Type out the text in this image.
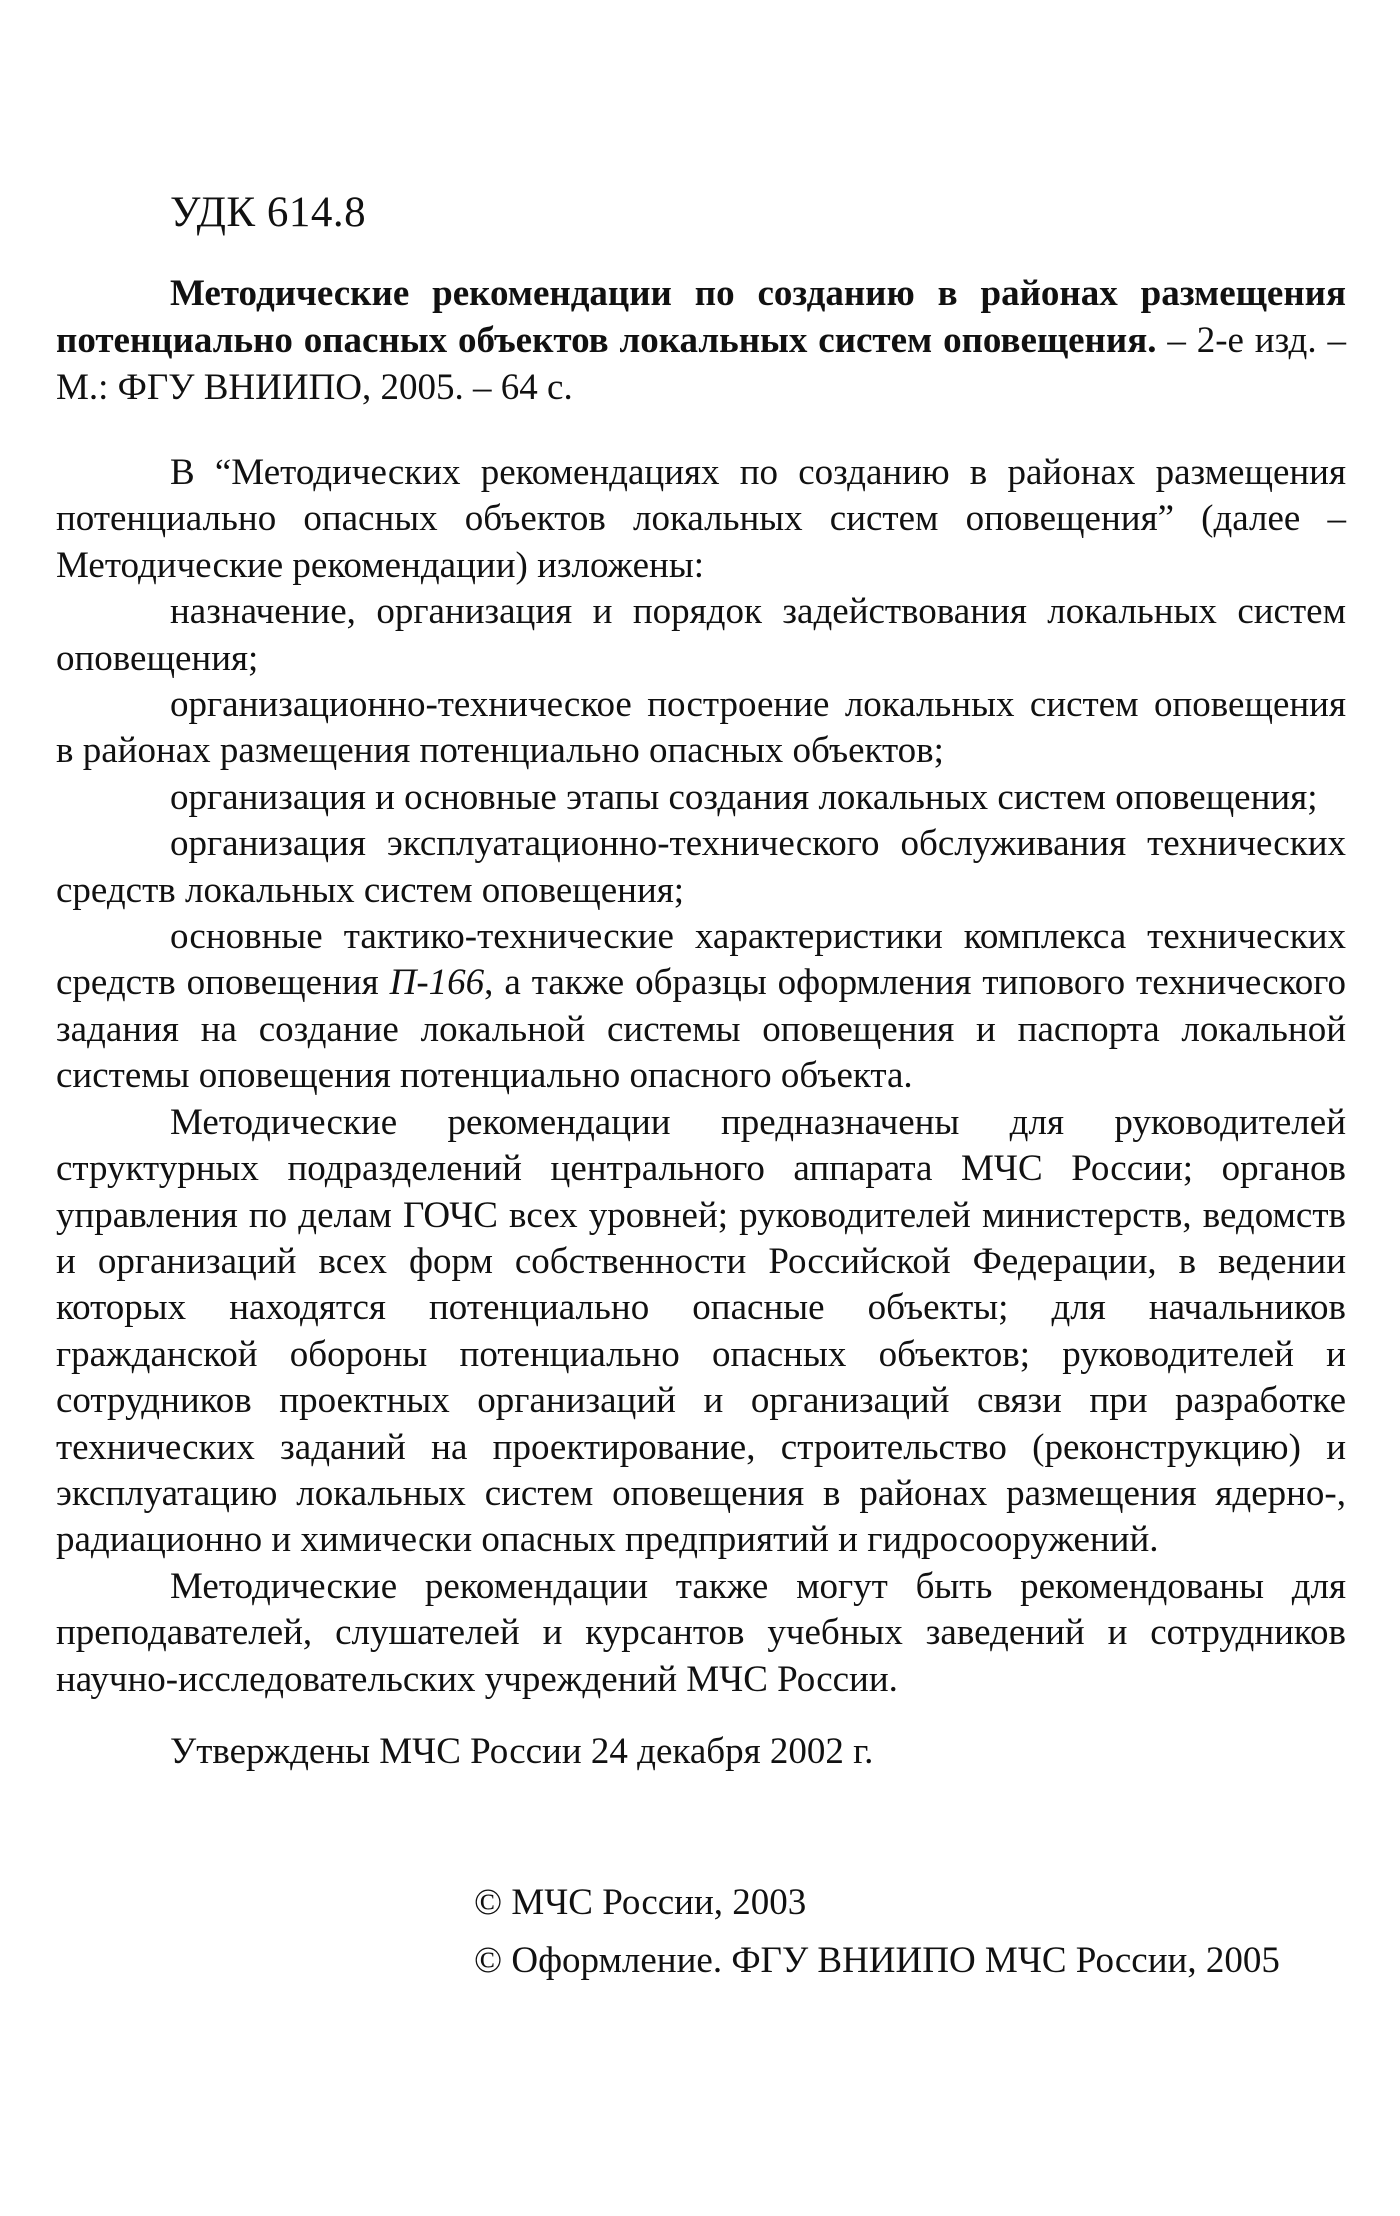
УДК 614.8

Методические рекомендации по созданию в районах размещения потенциально опасных объектов локальных систем оповещения. – 2-е изд. – М.: ФГУ ВНИИПО, 2005. – 64 с.

В “Методических рекомендациях по созданию в районах размещения потенциально опасных объектов локальных систем оповещения” (далее – Методические рекомендации) изложены:

назначение, организация и порядок задействования локальных систем оповещения;

организационно-техническое построение локальных систем оповещения в районах размещения потенциально опасных объектов;

организация и основные этапы создания локальных систем оповещения;

организация эксплуатационно-технического обслуживания технических средств локальных систем оповещения;

основные тактико-технические характеристики комплекса технических средств оповещения П-166, а также образцы оформления типового технического задания на создание локальной системы оповещения и паспорта локальной системы оповещения потенциально опасного объекта.

Методические рекомендации предназначены для руководителей структурных подразделений центрального аппарата МЧС России; органов управления по делам ГОЧС всех уровней; руководителей министерств, ведомств и организаций всех форм собственности Российской Федерации, в ведении которых находятся потенциально опасные объекты; для начальников гражданской обороны потенциально опасных объектов; руководителей и сотрудников проектных организаций и организаций связи при разработке технических заданий на проектирование, строительство (реконструкцию) и эксплуатацию локальных систем оповещения в районах размещения ядерно-, радиационно и химически опасных предприятий и гидросооружений.

Методические рекомендации также могут быть рекомендованы для преподавателей, слушателей и курсантов учебных заведений и сотрудников научно-исследовательских учреждений МЧС России.

Утверждены МЧС России 24 декабря 2002 г.
© МЧС России, 2003
© Оформление. ФГУ ВНИИПО МЧС России, 2005
